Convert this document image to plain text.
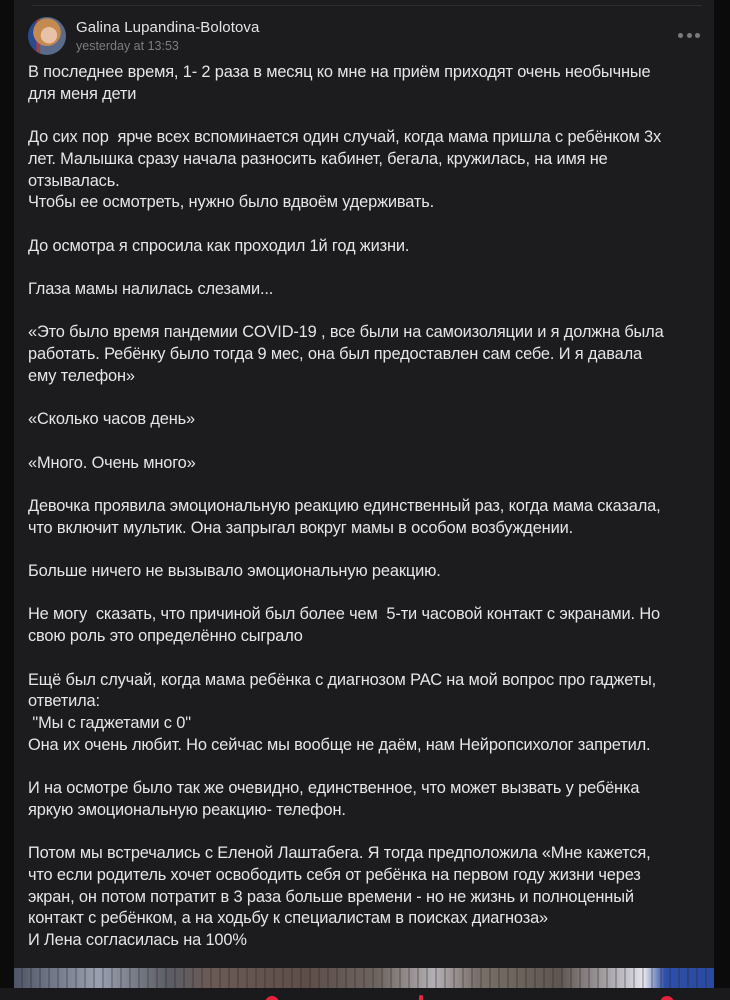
Galina Lupandina-Bolotova
yesterday at 13:53
В последнее время, 1- 2 раза в месяц ко мне на приём приходят очень необычные
для меня дети
До сих пор  ярче всех вспоминается один случай, когда мама пришла с ребёнком 3х
лет. Малышка сразу начала разносить кабинет, бегала, кружилась, на имя не
отзывалась.
Чтобы ее осмотреть, нужно было вдвоём удерживать.
До осмотра я спросила как проходил 1й год жизни.
Глаза мамы налилась слезами...
«Это было время пандемии COVID-19 , все были на самоизоляции и я должна была
работать. Ребёнку было тогда 9 мес, она был предоставлен сам себе. И я давала
ему телефон»
«Сколько часов день»
«Много. Очень много»
Девочка проявила эмоциональную реакцию единственный раз, когда мама сказала,
что включит мультик. Она запрыгал вокруг мамы в особом возбуждении.
Больше ничего не вызывало эмоциональную реакцию.
Не могу  сказать, что причиной был более чем  5-ти часовой контакт с экранами. Но
свою роль это определённо сыграло
Ещё был случай, когда мама ребёнка с диагнозом РАС на мой вопрос про гаджеты,
ответила:
"Мы с гаджетами с 0"
Она их очень любит. Но сейчас мы вообще не даём, нам Нейропсихолог запретил.
И на осмотре было так же очевидно, единственное, что может вызвать у ребёнка
яркую эмоциональную реакцию- телефон.
Потом мы встречались с Еленой Лаштабега. Я тогда предположила «Мне кажется,
что если родитель хочет освободить себя от ребёнка на первом году жизни через
экран, он потом потратит в 3 раза больше времени - но не жизнь и полноценный
контакт с ребёнком, а на ходьбу к специалистам в поисках диагноза»
И Лена согласилась на 100%
